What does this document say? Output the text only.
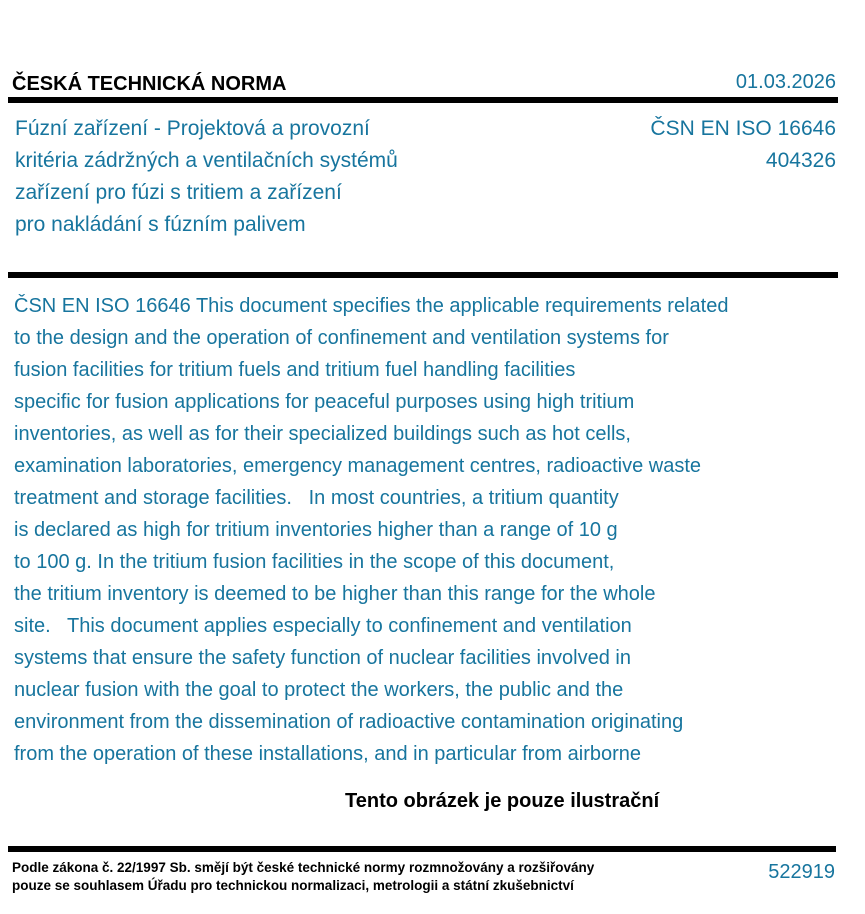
ČESKÁ TECHNICKÁ NORMA	01.03.2026
Fúzní zařízení - Projektová a provozní
kritéria zádržných a ventilačních systémů
zařízení pro fúzi s tritiem a zařízení
pro nakládání s fúzním palivem
ČSN EN ISO 16646
404326
ČSN EN ISO 16646 This document specifies the applicable requirements related
to the design and the operation of confinement and ventilation systems for
fusion facilities for tritium fuels and tritium fuel handling facilities
specific for fusion applications for peaceful purposes using high tritium
inventories, as well as for their specialized buildings such as hot cells,
examination laboratories, emergency management centres, radioactive waste
treatment and storage facilities.   In most countries, a tritium quantity
is declared as high for tritium inventories higher than a range of 10 g
to 100 g. In the tritium fusion facilities in the scope of this document,
the tritium inventory is deemed to be higher than this range for the whole
site.   This document applies especially to confinement and ventilation
systems that ensure the safety function of nuclear facilities involved in
nuclear fusion with the goal to protect the workers, the public and the
environment from the dissemination of radioactive contamination originating
from the operation of these installations, and in particular from airborne
Tento obrázek je pouze ilustrační
Podle zákona č. 22/1997 Sb. smějí být české technické normy rozmnožovány a rozšiřovány
pouze se souhlasem Úřadu pro technickou normalizaci, metrologii a státní zkušebnictví
522919
